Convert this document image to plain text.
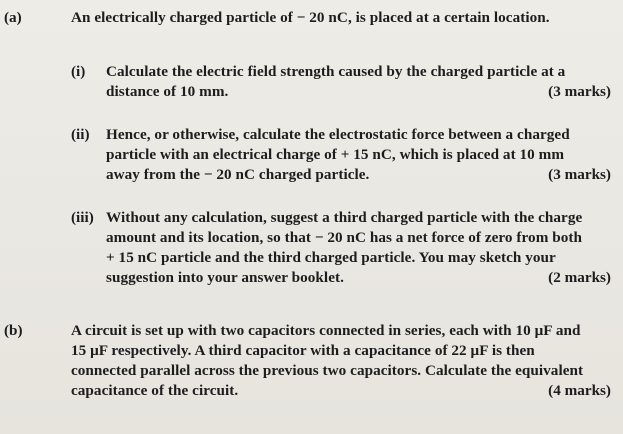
(a)	An electrically charged particle of − 20 nC, is placed at a certain location.
(i) Calculate the electric field strength caused by the charged particle at a
distance of 10 mm.	(3 marks)
(ii) Hence, or otherwise, calculate the electrostatic force between a charged
particle with an electrical charge of + 15 nC, which is placed at 10 mm
away from the − 20 nC charged particle.	(3 marks)
(iii) Without any calculation, suggest a third charged particle with the charge
amount and its location, so that − 20 nC has a net force of zero from both
+ 15 nC particle and the third charged particle. You may sketch your
suggestion into your answer booklet.	(2 marks)
(b)	A circuit is set up with two capacitors connected in series, each with 10 μF and
15 μF respectively. A third capacitor with a capacitance of 22 μF is then
connected parallel across the previous two capacitors. Calculate the equivalent
capacitance of the circuit.	(4 marks)
